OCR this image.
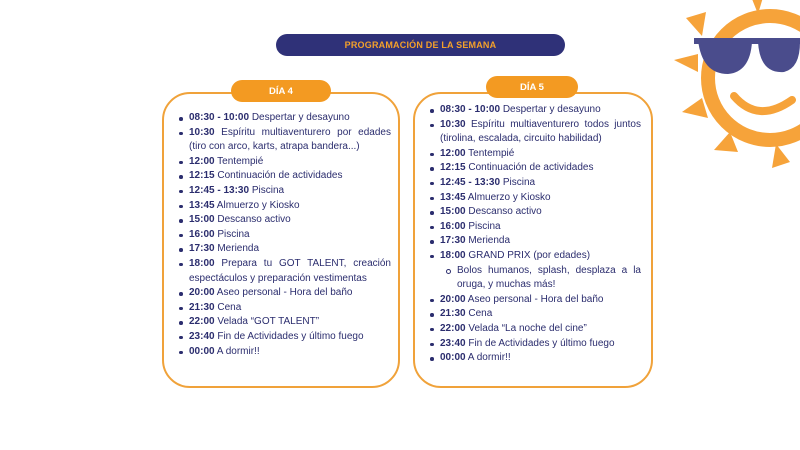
PROGRAMACIÓN DE LA SEMANA
DÍA 4
08:30 - 10:00 Despertar y desayuno
10:30 Espíritu multiaventurero por edades (tiro con arco, karts, atrapa bandera...)
12:00 Tentempié
12:15 Continuación de actividades
12:45 - 13:30 Piscina
13:45 Almuerzo y Kiosko
15:00 Descanso activo
16:00 Piscina
17:30 Merienda
18:00 Prepara tu GOT TALENT, creación espectáculos y preparación vestimentas
20:00 Aseo personal - Hora del baño
21:30 Cena
22:00 Velada “GOT TALENT”
23:40 Fin de Actividades y último fuego
00:00 A dormir!!
DÍA 5
08:30 - 10:00 Despertar y desayuno
10:30 Espíritu multiaventurero todos juntos (tirolina, escalada, circuito habilidad)
12:00 Tentempié
12:15 Continuación de actividades
12:45 - 13:30 Piscina
13:45 Almuerzo y Kiosko
15:00 Descanso activo
16:00 Piscina
17:30 Merienda
18:00 GRAND PRIX (por edades)
Bolos humanos, splash, desplaza a la oruga, y muchas más!
20:00 Aseo personal - Hora del baño
21:30 Cena
22:00 Velada “La noche del cine”
23:40 Fin de Actividades y último fuego
00:00 A dormir!!
